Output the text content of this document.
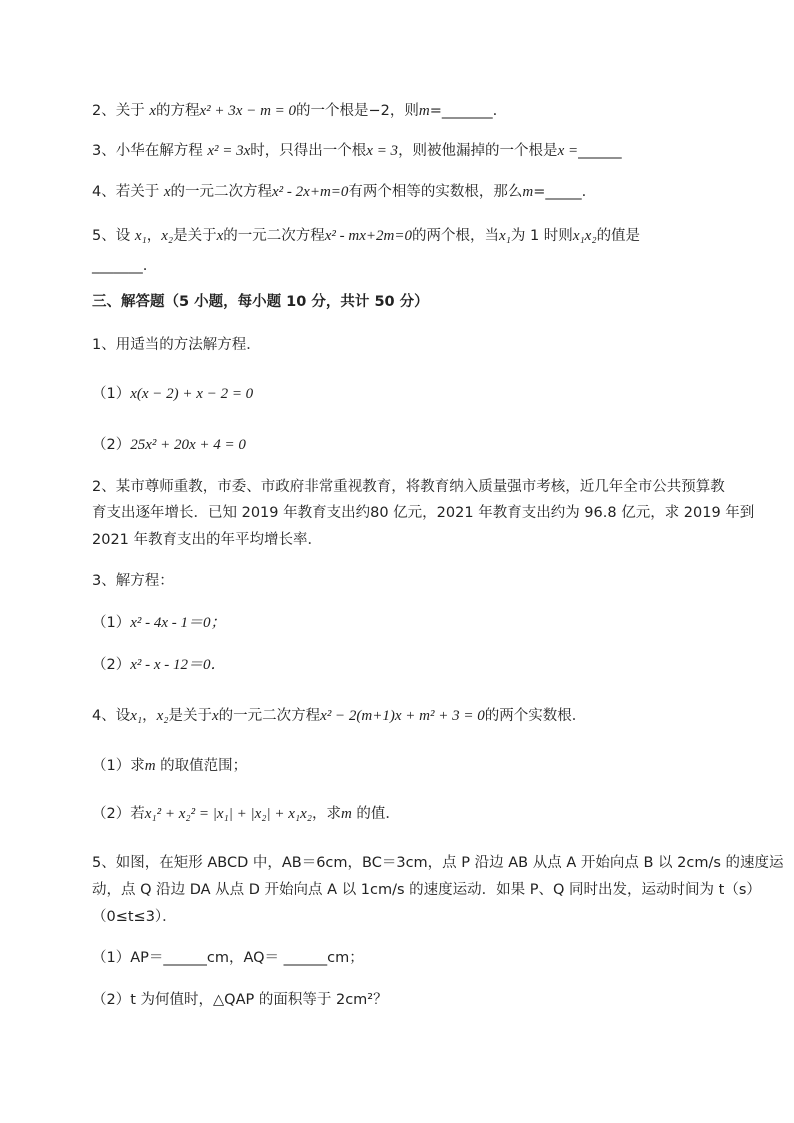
2、关于 x的方程x² + 3x − m = 0的一个根是−2，则m=_______.
3、小华在解方程 x² = 3x时，只得出一个根x = 3，则被他漏掉的一个根是x =______
4、若关于 x的一元二次方程x² - 2x+m=0有两个相等的实数根，那么m=_____.
5、设 x₁，x₂是关于x的一元二次方程x² - mx+2m=0的两个根，当x₁为 1 时则x₁x₂的值是
_______.
三、解答题（5 小题，每小题 10 分，共计 50 分）
1、用适当的方法解方程．
（1）x(x − 2) + x − 2 = 0
（2）25x² + 20x + 4 = 0
2、某市尊师重教，市委、市政府非常重视教育，将教育纳入质量强市考核，近几年全市公共预算教
育支出逐年增长．已知 2019 年教育支出约80 亿元，2021 年教育支出约为 96.8 亿元，求 2019 年到
2021 年教育支出的年平均增长率．
3、解方程：
（1）x² - 4x - 1＝0；
（2）x² - x - 12＝0．
4、设x₁，x₂是关于x的一元二次方程x² − 2(m+1)x + m² + 3 = 0的两个实数根．
（1）求m 的取值范围；
（2）若x₁² + x₂² = |x₁| + |x₂| + x₁x₂，求m 的值．
5、如图，在矩形 ABCD 中，AB＝6cm，BC＝3cm，点 P 沿边 AB 从点 A 开始向点 B 以 2cm/s 的速度运
动，点 Q 沿边 DA 从点 D 开始向点 A 以 1cm/s 的速度运动．如果 P、Q 同时出发，运动时间为 t（s）
（0≤t≤3）．
（1）AP＝______cm，AQ＝ ______cm；
（2）t 为何值时，△QAP 的面积等于 2cm²？
